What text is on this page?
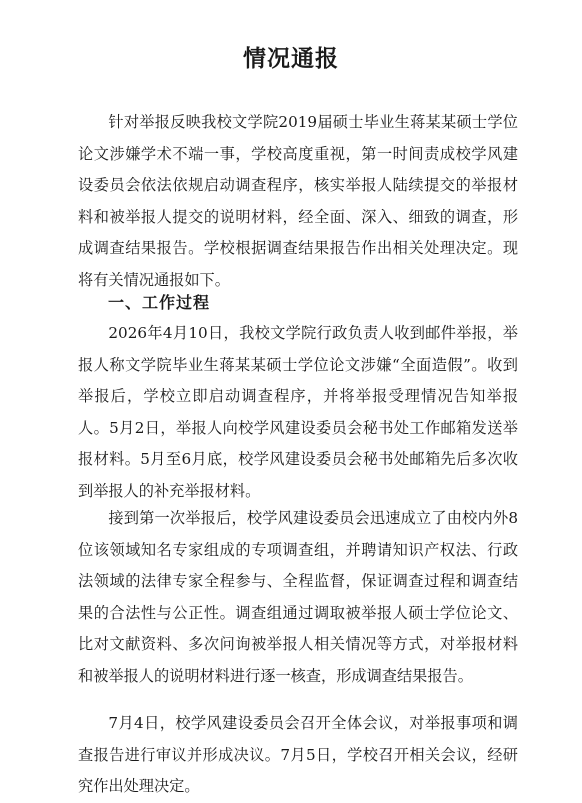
情况通报
针对举报反映我校文学院2019届硕士毕业生蒋某某硕士学位论文涉嫌学术不端一事，学校高度重视，第一时间责成校学风建设委员会依法依规启动调查程序，核实举报人陆续提交的举报材料和被举报人提交的说明材料，经全面、深入、细致的调查，形成调查结果报告。学校根据调查结果报告作出相关处理决定。现将有关情况通报如下。
一、工作过程
2026年4月10日，我校文学院行政负责人收到邮件举报，举报人称文学院毕业生蒋某某硕士学位论文涉嫌“全面造假”。收到举报后，学校立即启动调查程序，并将举报受理情况告知举报人。5月2日，举报人向校学风建设委员会秘书处工作邮箱发送举报材料。5月至6月底，校学风建设委员会秘书处邮箱先后多次收到举报人的补充举报材料。
接到第一次举报后，校学风建设委员会迅速成立了由校内外8位该领域知名专家组成的专项调查组，并聘请知识产权法、行政法领域的法律专家全程参与、全程监督，保证调查过程和调查结果的合法性与公正性。调查组通过调取被举报人硕士学位论文、比对文献资料、多次问询被举报人相关情况等方式，对举报材料和被举报人的说明材料进行逐一核查，形成调查结果报告。
7月4日，校学风建设委员会召开全体会议，对举报事项和调查报告进行审议并形成决议。7月5日，学校召开相关会议，经研究作出处理决定。
